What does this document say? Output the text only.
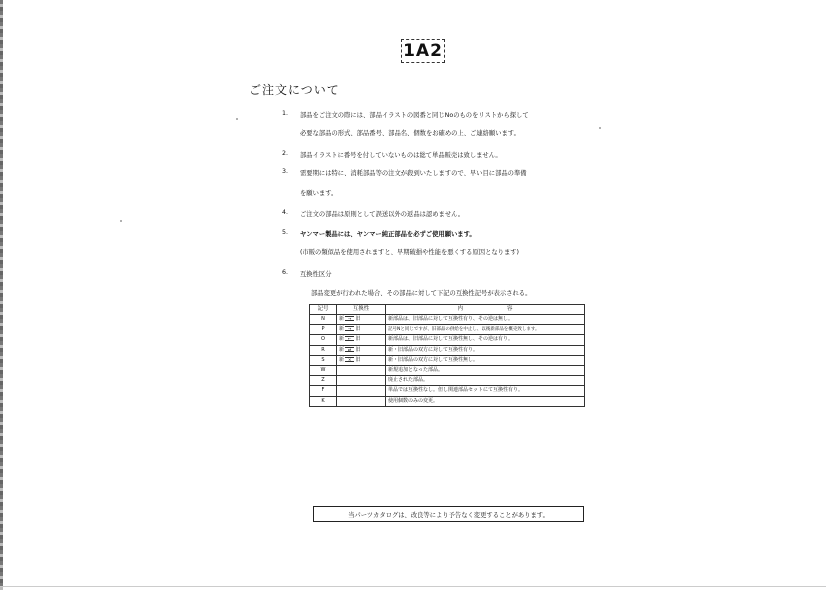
1A2
ご注文について
1. 部品をご注文の際には、部品イラストの図番と同じNoのものをリストから探して
必要な部品の形式、部品番号、部品名、個数をお確めの上、ご連絡願います。
2. 部品イラストに番号を付していないものは総て単品販売は致しません。
3. 需要期には特に、消耗部品等の注文が殺到いたしますので、早い目に部品の準備
を願います。
4. ご注文の部品は原則として誤送以外の返品は認めません。
5. ヤンマー製品には、ヤンマー純正部品を必ずご使用願います。
(市販の類似品を使用されますと、早期破損や性能を悪くする原因となります)
6. 互換性区分
部品変更が行われた場合、その部品に対して下記の互換性記号が表示される。
記号	互換性	内　　　　　　　　容
N	新 → 旧	新部品は、旧部品に対して互換性有り、その逆は無し。
P	新 → 旧	記号Nと同じですが、旧部品の供給を中止し、以後新部品を概売致します。
O	新 ← 旧	新部品は、旧部品に対して互換性無し、その逆は有り。
R	新 ⇄ 旧	新・旧部品の双方に対して互換性有り。
S	新 × 旧	新・旧部品の双方に対して互換性無し。
W		新規追加となった部品。
Z		廃止された部品。
F		単品では互換性なし。但し関連部品セットにて互換性有り。
K		使用個数のみの変更。
当パーツカタログは、改良等により予告なく変更することがあります。
